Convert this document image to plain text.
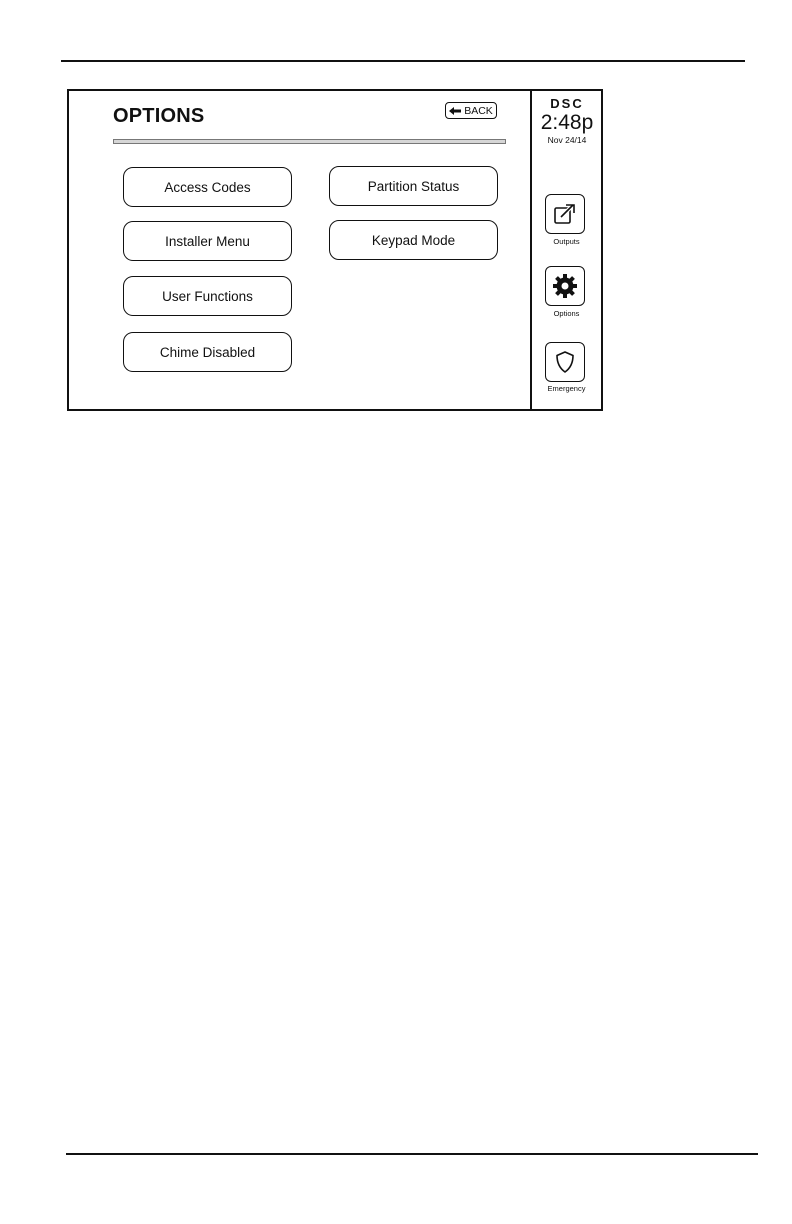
OPTIONS	BACK
Access Codes
Installer Menu
User Functions
Chime Disabled
Partition Status
Keypad Mode
DSC
2:48p
Nov 24/14
Outputs
Options
Emergency
